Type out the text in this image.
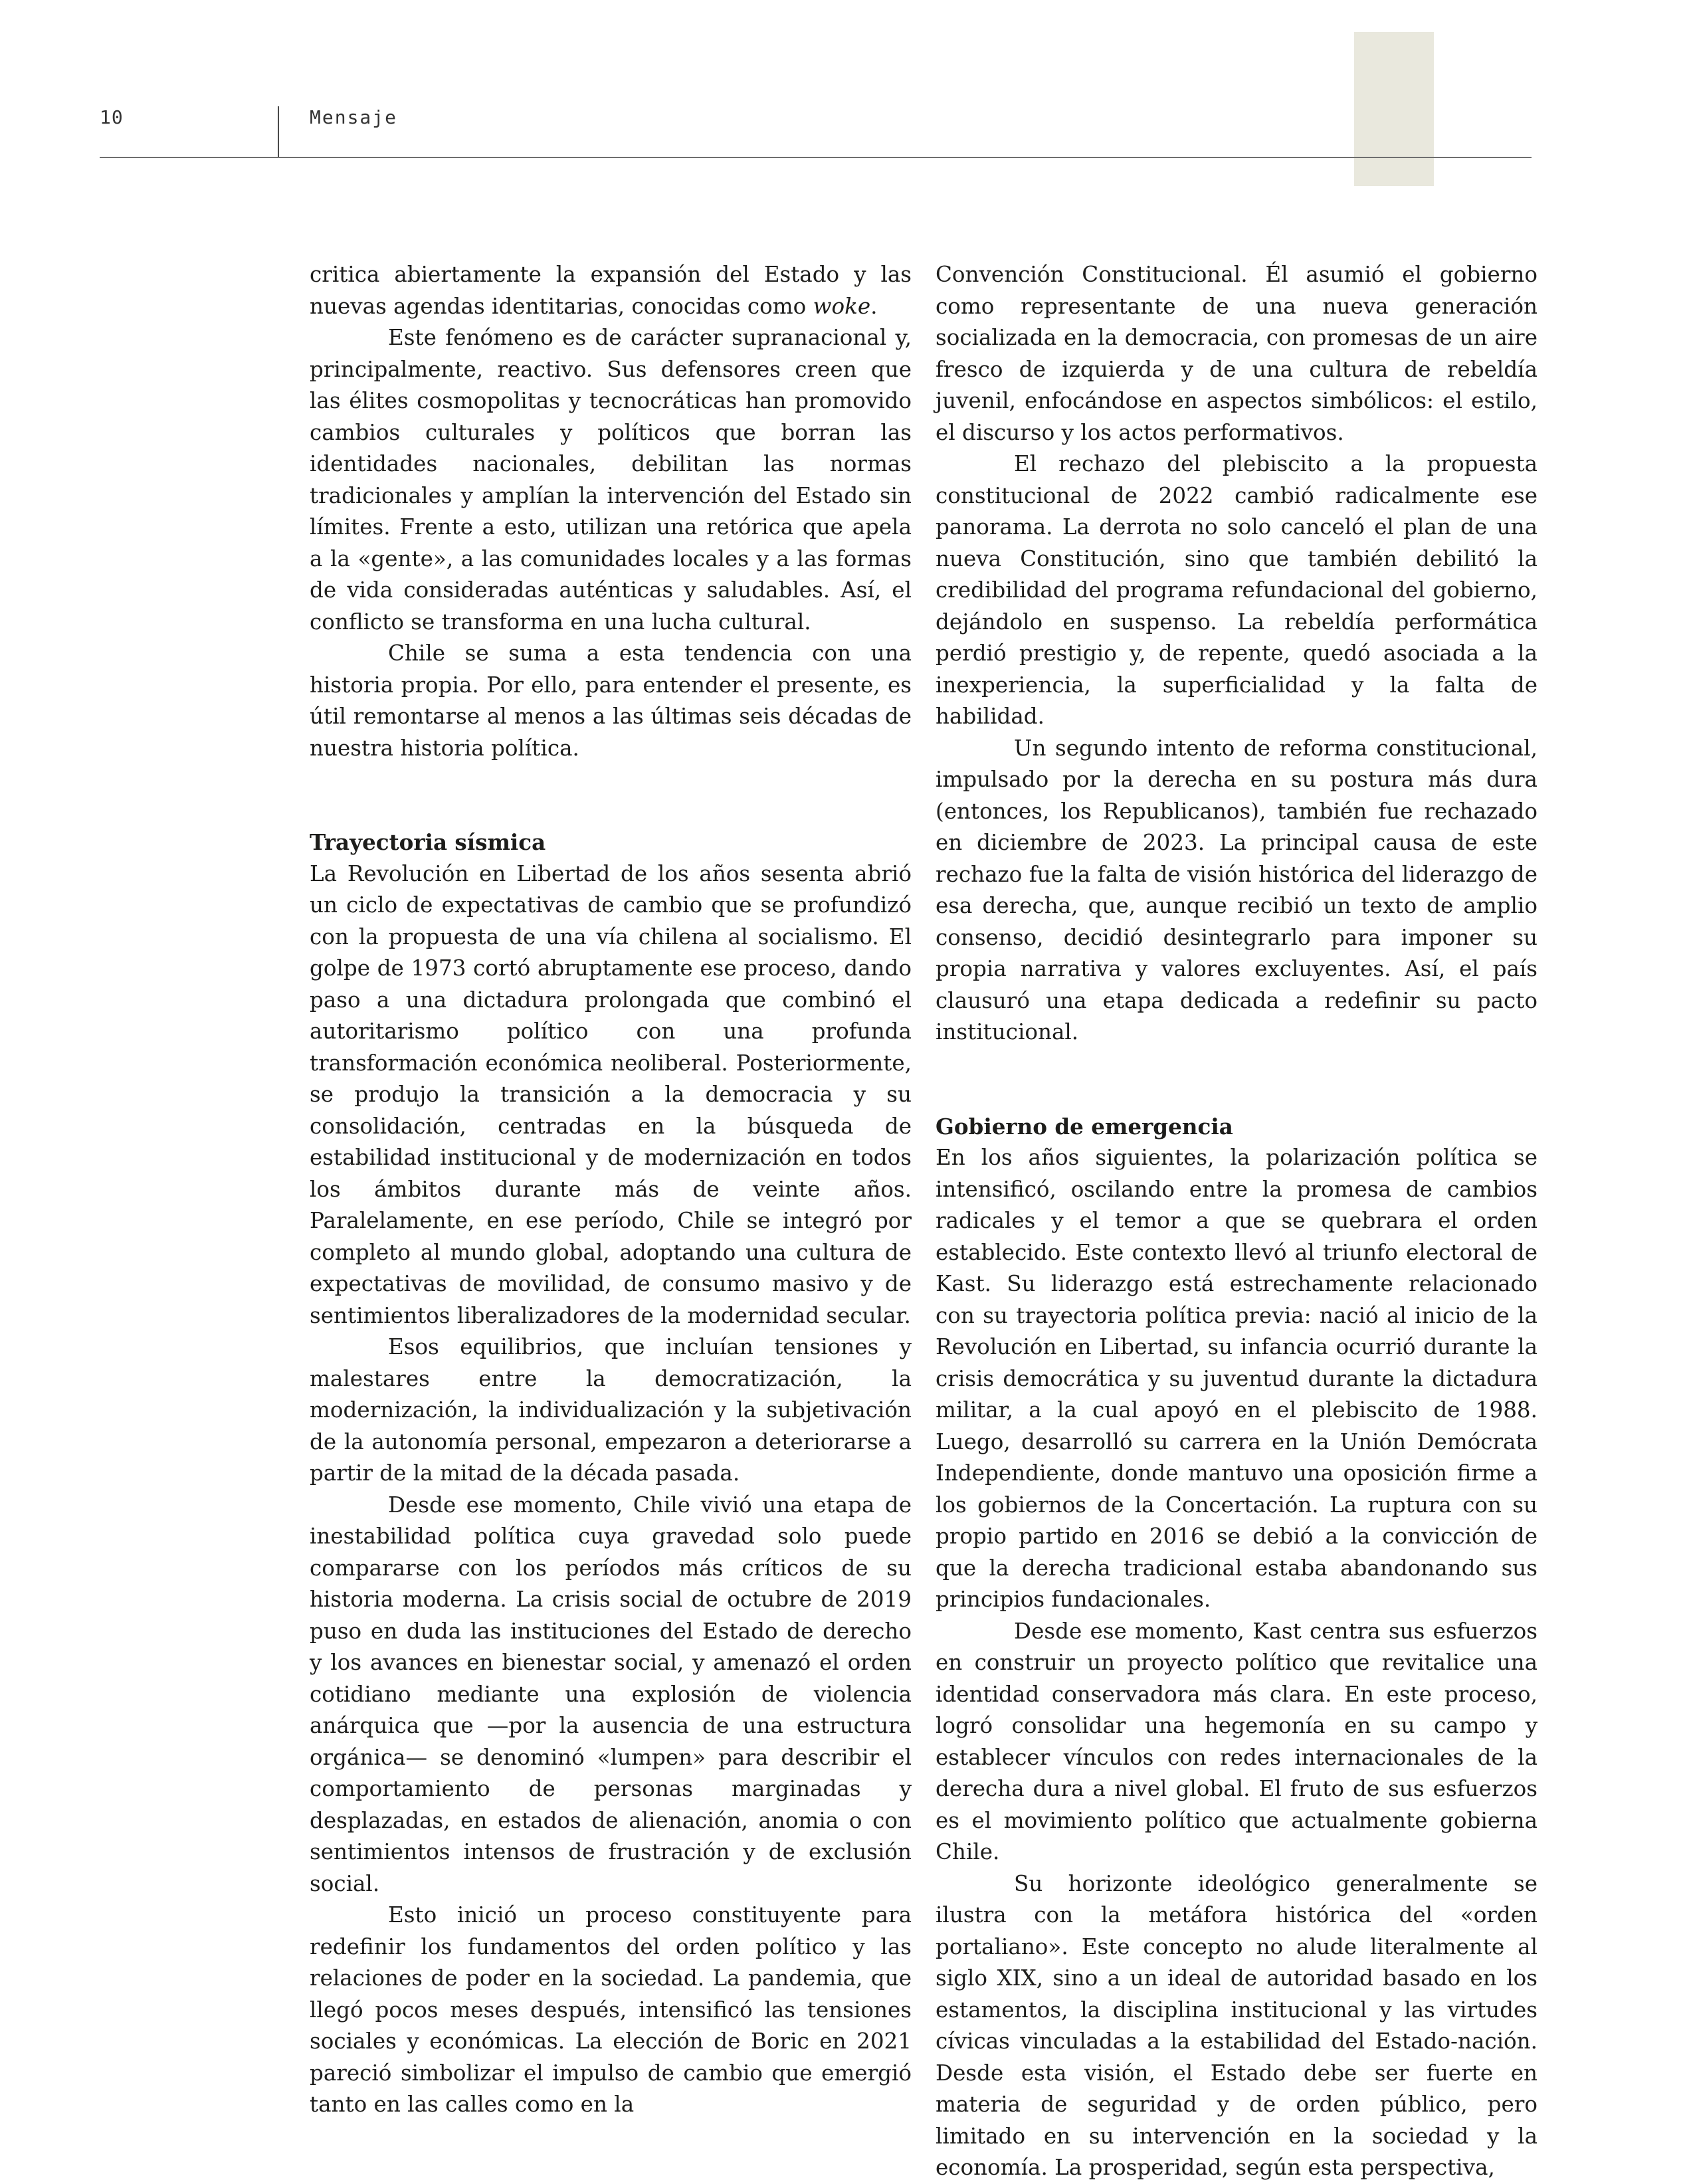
10	Mensaje

critica abiertamente la expansión del Estado y las nuevas agendas identitarias, conocidas como woke.

Este fenómeno es de carácter supranacional y, principalmente, reactivo. Sus defensores creen que las élites cosmopolitas y tecnocráticas han promovido cambios culturales y políticos que borran las identidades nacionales, debilitan las normas tradicionales y amplían la intervención del Estado sin límites. Frente a esto, utilizan una retórica que apela a la «gente», a las comunidades locales y a las formas de vida consideradas auténticas y saludables. Así, el conflicto se transforma en una lucha cultural.

Chile se suma a esta tendencia con una historia propia. Por ello, para entender el presente, es útil remontarse al menos a las últimas seis décadas de nuestra historia política.

Trayectoria sísmica

La Revolución en Libertad de los años sesenta abrió un ciclo de expectativas de cambio que se profundizó con la propuesta de una vía chilena al socialismo. El golpe de 1973 cortó abruptamente ese proceso, dando paso a una dictadura prolongada que combinó el autoritarismo político con una profunda transformación económica neoliberal. Posteriormente, se produjo la transición a la democracia y su consolidación, centradas en la búsqueda de estabilidad institucional y de modernización en todos los ámbitos durante más de veinte años. Paralelamente, en ese período, Chile se integró por completo al mundo global, adoptando una cultura de expectativas de movilidad, de consumo masivo y de sentimientos liberalizadores de la modernidad secular.

Esos equilibrios, que incluían tensiones y malestares entre la democratización, la modernización, la individualización y la subjetivación de la autonomía personal, empezaron a deteriorarse a partir de la mitad de la década pasada.

Desde ese momento, Chile vivió una etapa de inestabilidad política cuya gravedad solo puede compararse con los períodos más críticos de su historia moderna. La crisis social de octubre de 2019 puso en duda las instituciones del Estado de derecho y los avances en bienestar social, y amenazó el orden cotidiano mediante una explosión de violencia anárquica que —por la ausencia de una estructura orgánica— se denominó «lumpen» para describir el comportamiento de personas marginadas y desplazadas, en estados de alienación, anomia o con sentimientos intensos de frustración y de exclusión social.

Esto inició un proceso constituyente para redefinir los fundamentos del orden político y las relaciones de poder en la sociedad. La pandemia, que llegó pocos meses después, intensificó las tensiones sociales y económicas. La elección de Boric en 2021 pareció simbolizar el impulso de cambio que emergió tanto en las calles como en la

Convención Constitucional. Él asumió el gobierno como representante de una nueva generación socializada en la democracia, con promesas de un aire fresco de izquierda y de una cultura de rebeldía juvenil, enfocándose en aspectos simbólicos: el estilo, el discurso y los actos performativos.

El rechazo del plebiscito a la propuesta constitucional de 2022 cambió radicalmente ese panorama. La derrota no solo canceló el plan de una nueva Constitución, sino que también debilitó la credibilidad del programa refundacional del gobierno, dejándolo en suspenso. La rebeldía performática perdió prestigio y, de repente, quedó asociada a la inexperiencia, la superficialidad y la falta de habilidad.

Un segundo intento de reforma constitucional, impulsado por la derecha en su postura más dura (entonces, los Republicanos), también fue rechazado en diciembre de 2023. La principal causa de este rechazo fue la falta de visión histórica del liderazgo de esa derecha, que, aunque recibió un texto de amplio consenso, decidió desintegrarlo para imponer su propia narrativa y valores excluyentes. Así, el país clausuró una etapa dedicada a redefinir su pacto institucional.

Gobierno de emergencia

En los años siguientes, la polarización política se intensificó, oscilando entre la promesa de cambios radicales y el temor a que se quebrara el orden establecido. Este contexto llevó al triunfo electoral de Kast. Su liderazgo está estrechamente relacionado con su trayectoria política previa: nació al inicio de la Revolución en Libertad, su infancia ocurrió durante la crisis democrática y su juventud durante la dictadura militar, a la cual apoyó en el plebiscito de 1988. Luego, desarrolló su carrera en la Unión Demócrata Independiente, donde mantuvo una oposición firme a los gobiernos de la Concertación. La ruptura con su propio partido en 2016 se debió a la convicción de que la derecha tradicional estaba abandonando sus principios fundacionales.

Desde ese momento, Kast centra sus esfuerzos en construir un proyecto político que revitalice una identidad conservadora más clara. En este proceso, logró consolidar una hegemonía en su campo y establecer vínculos con redes internacionales de la derecha dura a nivel global. El fruto de sus esfuerzos es el movimiento político que actualmente gobierna Chile.

Su horizonte ideológico generalmente se ilustra con la metáfora histórica del «orden portaliano». Este concepto no alude literalmente al siglo XIX, sino a un ideal de autoridad basado en los estamentos, la disciplina institucional y las virtudes cívicas vinculadas a la estabilidad del Estado-nación. Desde esta visión, el Estado debe ser fuerte en materia de seguridad y de orden público, pero limitado en su intervención en la sociedad y la economía. La prosperidad, según esta perspectiva,
